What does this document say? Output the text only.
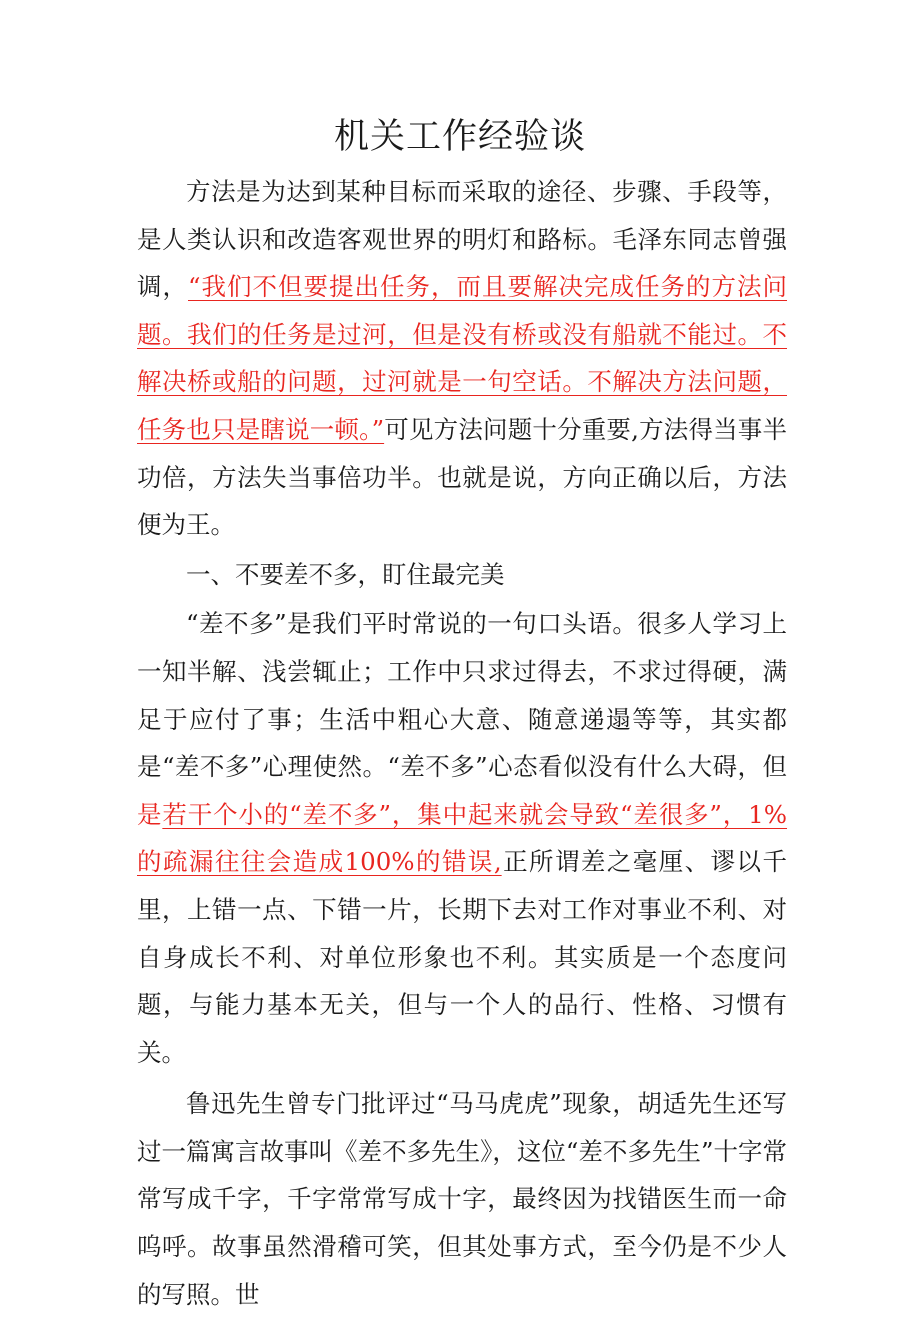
机关工作经验谈

方法是为达到某种目标而采取的途径、步骤、手段等，是人类认识和改造客观世界的明灯和路标。毛泽东同志曾强调，“我们不但要提出任务，而且要解决完成任务的方法问题。我们的任务是过河，但是没有桥或没有船就不能过。不解决桥或船的问题，过河就是一句空话。不解决方法问题，任务也只是瞎说一顿。”可见方法问题十分重要,方法得当事半功倍，方法失当事倍功半。也就是说，方向正确以后，方法便为王。

一、不要差不多，盯住最完美

“差不多”是我们平时常说的一句口头语。很多人学习上一知半解、浅尝辄止；工作中只求过得去，不求过得硬，满足于应付了事；生活中粗心大意、随意递遢等等，其实都是“差不多”心理使然。“差不多”心态看似没有什么大碍，但是若干个小的“差不多”，集中起来就会导致“差很多”，1%的疏漏往往会造成100%的错误,正所谓差之毫厘、谬以千里，上错一点、下错一片，长期下去对工作对事业不利、对自身成长不利、对单位形象也不利。其实质是一个态度问题，与能力基本无关，但与一个人的品行、性格、习惯有关。

鲁迅先生曾专门批评过“马马虎虎”现象，胡适先生还写过一篇寓言故事叫《差不多先生》，这位“差不多先生”十字常常写成千字，千字常常写成十字，最终因为找错医生而一命呜呼。故事虽然滑稽可笑，但其处事方式，至今仍是不少人的写照。世
